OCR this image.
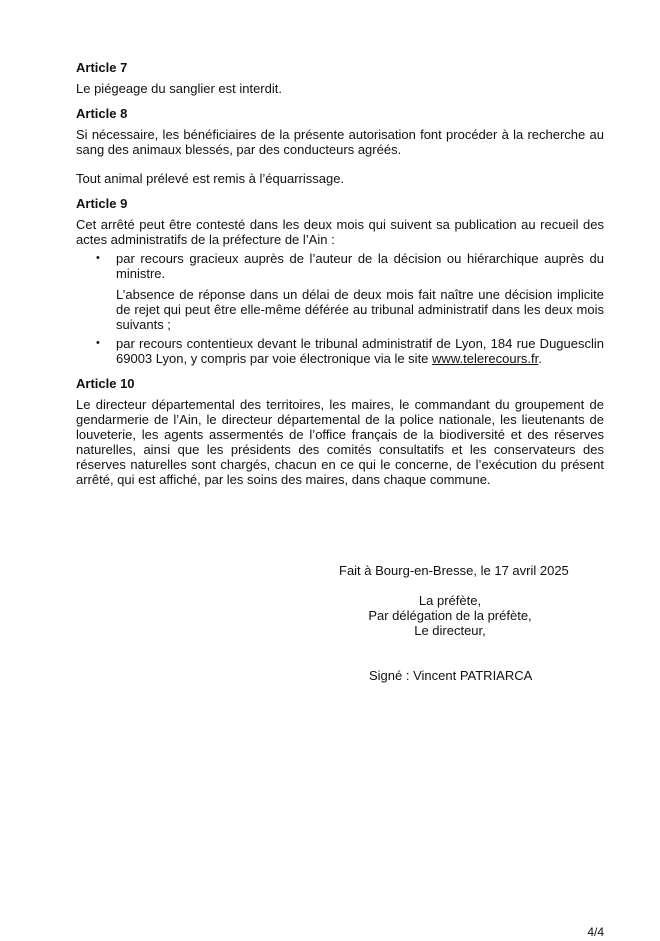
Article 7

Le piégeage du sanglier est interdit.

Article 8

Si nécessaire, les bénéficiaires de la présente autorisation font procéder à la recherche au sang des animaux blessés, par des conducteurs agréés.

Tout animal prélevé est remis à l’équarrissage.

Article 9

Cet arrêté peut être contesté dans les deux mois qui suivent sa publication au recueil des actes administratifs de la préfecture de l’Ain :

• par recours gracieux auprès de l’auteur de la décision ou hiérarchique auprès du ministre.
L’absence de réponse dans un délai de deux mois fait naître une décision implicite de rejet qui peut être elle-même déférée au tribunal administratif dans les deux mois suivants ;
• par recours contentieux devant le tribunal administratif de Lyon, 184 rue Duguesclin 69003 Lyon, y compris par voie électronique via le site www.telerecours.fr.
Article 10

Le directeur départemental des territoires, les maires, le commandant du groupement de gendarmerie de l’Ain, le directeur départemental de la police nationale, les lieutenants de louveterie, les agents assermentés de l’office français de la biodiversité et des réserves naturelles, ainsi que les présidents des comités consultatifs et les conservateurs des réserves naturelles sont chargés, chacun en ce qui le concerne, de l’exécution du présent arrêté, qui est affiché, par les soins des maires, dans chaque commune.

Fait à Bourg-en-Bresse, le 17 avril 2025
La préfète,
Par délégation de la préfète,
Le directeur,
Signé : Vincent PATRIARCA
4/4
